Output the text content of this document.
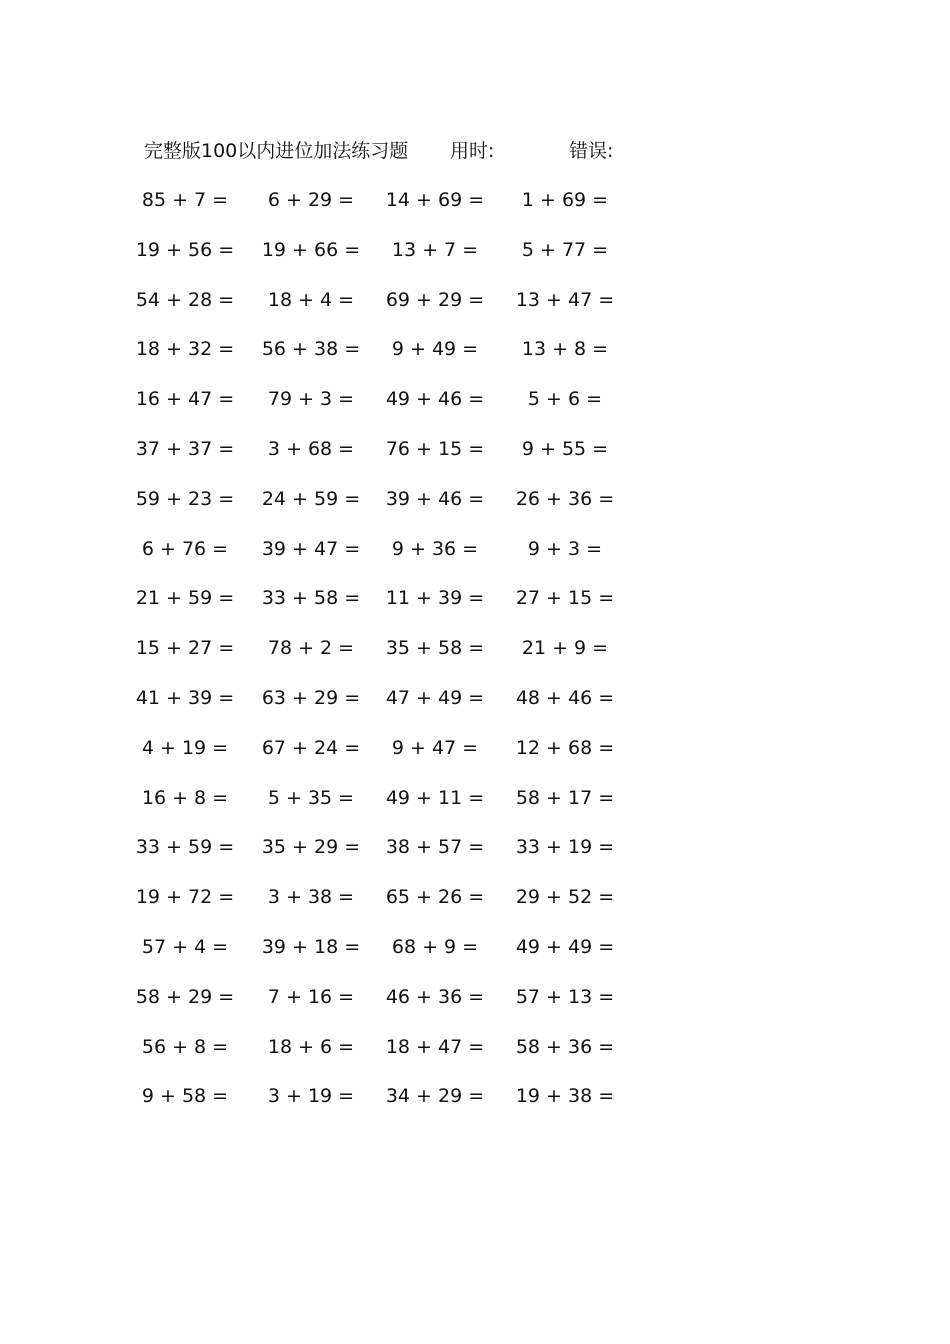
完整版100以内进位加法练习题 用时:	错误:
85 + 7 =	6 + 29 =	14 + 69 =	1 + 69 =
19 + 56 =	19 + 66 =	13 + 7 =	5 + 77 =
54 + 28 =	18 + 4 =	69 + 29 =	13 + 47 =
18 + 32 =	56 + 38 =	9 + 49 =	13 + 8 =
16 + 47 =	79 + 3 =	49 + 46 =	5 + 6 =
37 + 37 =	3 + 68 =	76 + 15 =	9 + 55 =
59 + 23 =	24 + 59 =	39 + 46 =	26 + 36 =
6 + 76 =	39 + 47 =	9 + 36 =	9 + 3 =
21 + 59 =	33 + 58 =	11 + 39 =	27 + 15 =
15 + 27 =	78 + 2 =	35 + 58 =	21 + 9 =
41 + 39 =	63 + 29 =	47 + 49 =	48 + 46 =
4 + 19 =	67 + 24 =	9 + 47 =	12 + 68 =
16 + 8 =	5 + 35 =	49 + 11 =	58 + 17 =
33 + 59 =	35 + 29 =	38 + 57 =	33 + 19 =
19 + 72 =	3 + 38 =	65 + 26 =	29 + 52 =
57 + 4 =	39 + 18 =	68 + 9 =	49 + 49 =
58 + 29 =	7 + 16 =	46 + 36 =	57 + 13 =
56 + 8 =	18 + 6 =	18 + 47 =	58 + 36 =
9 + 58 =	3 + 19 =	34 + 29 =	19 + 38 =
